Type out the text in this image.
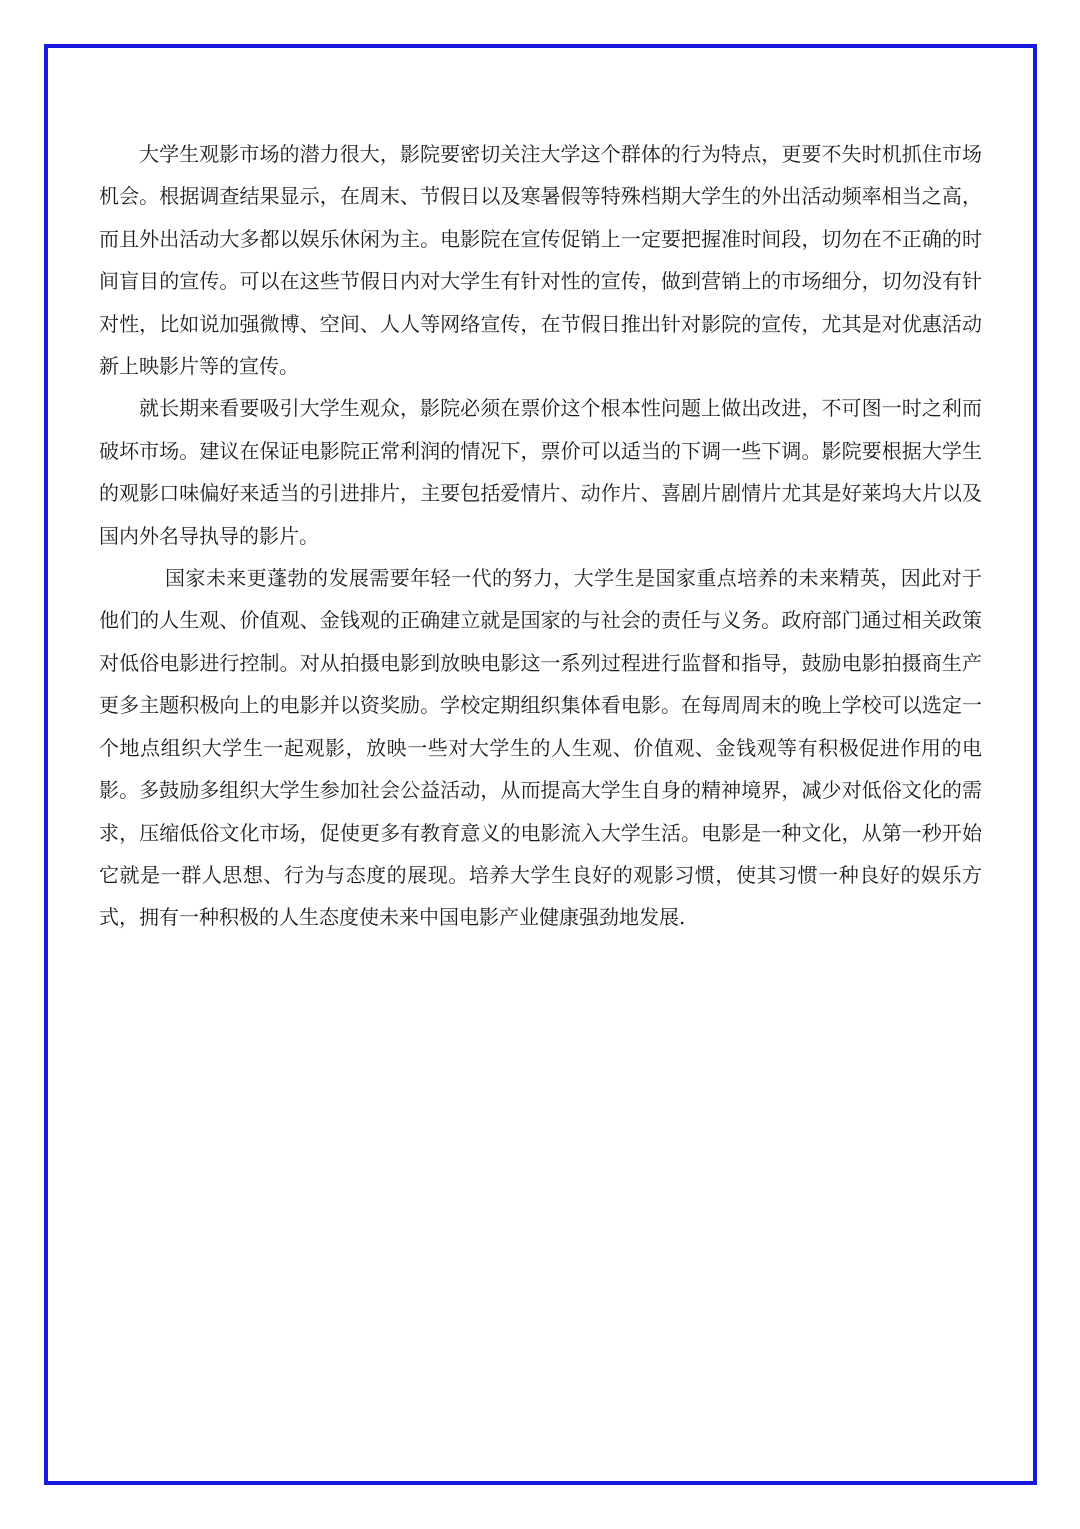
大学生观影市场的潜力很大，影院要密切关注大学这个群体的行为特点，更要不失时机抓住市场机会。根据调查结果显示，在周末、节假日以及寒暑假等特殊档期大学生的外出活动频率相当之高，而且外出活动大多都以娱乐休闲为主。电影院在宣传促销上一定要把握准时间段，切勿在不正确的时间盲目的宣传。可以在这些节假日内对大学生有针对性的宣传，做到营销上的市场细分，切勿没有针对性，比如说加强微博、空间、人人等网络宣传，在节假日推出针对影院的宣传，尤其是对优惠活动新上映影片等的宣传。

就长期来看要吸引大学生观众，影院必须在票价这个根本性问题上做出改进，不可图一时之利而破坏市场。建议在保证电影院正常利润的情况下，票价可以适当的下调一些下调。影院要根据大学生的观影口味偏好来适当的引进排片，主要包括爱情片、动作片、喜剧片剧情片尤其是好莱坞大片以及国内外名导执导的影片。

国家未来更蓬勃的发展需要年轻一代的努力，大学生是国家重点培养的未来精英，因此对于他们的人生观、价值观、金钱观的正确建立就是国家的与社会的责任与义务。政府部门通过相关政策对低俗电影进行控制。对从拍摄电影到放映电影这一系列过程进行监督和指导，鼓励电影拍摄商生产更多主题积极向上的电影并以资奖励。学校定期组织集体看电影。在每周周末的晚上学校可以选定一个地点组织大学生一起观影，放映一些对大学生的人生观、价值观、金钱观等有积极促进作用的电影。多鼓励多组织大学生参加社会公益活动，从而提高大学生自身的精神境界，减少对低俗文化的需求，压缩低俗文化市场，促使更多有教育意义的电影流入大学生活。电影是一种文化，从第一秒开始它就是一群人思想、行为与态度的展现。培养大学生良好的观影习惯，使其习惯一种良好的娱乐方式，拥有一种积极的人生态度使未来中国电影产业健康强劲地发展.
